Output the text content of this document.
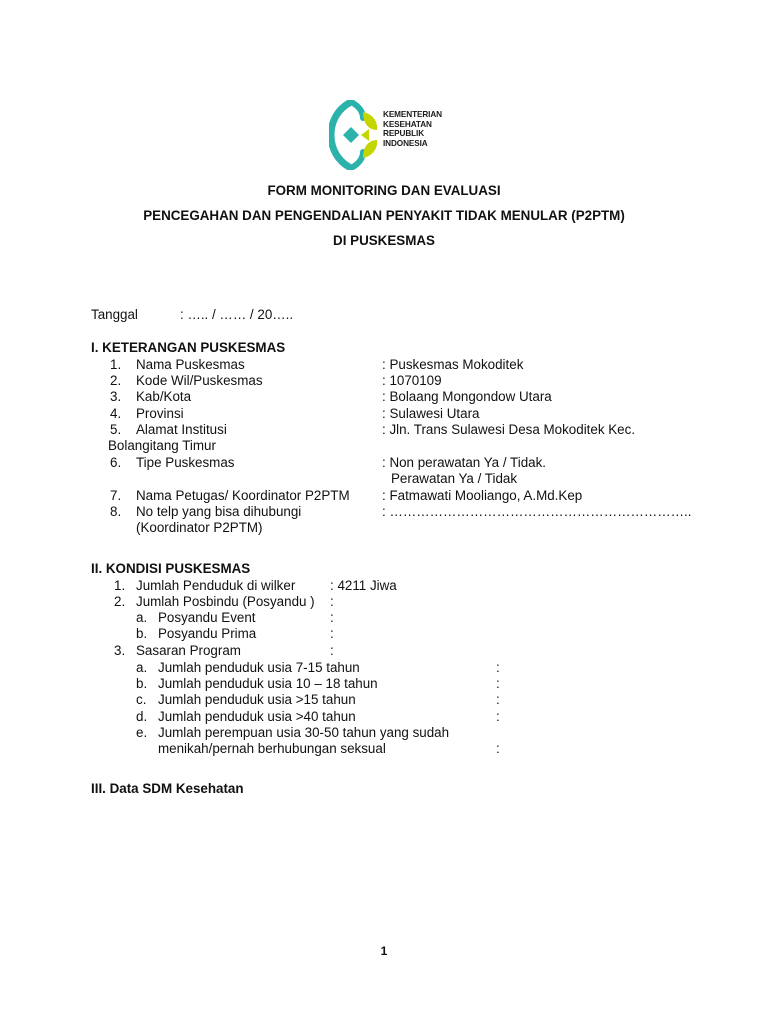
KEMENTERIAN
KESEHATAN
REPUBLIK
INDONESIA
FORM MONITORING DAN EVALUASI
PENCEGAHAN DAN PENGENDALIAN PENYAKIT TIDAK MENULAR (P2PTM)
DI PUSKESMAS
Tanggal	: ….. / …… / 20…..
I. KETERANGAN PUSKESMAS
1. Nama Puskesmas	: Puskesmas Mokoditek
2. Kode Wil/Puskesmas	: 1070109
3. Kab/Kota	: Bolaang Mongondow Utara
4. Provinsi	: Sulawesi Utara
5. Alamat Institusi	: Jln. Trans Sulawesi Desa Mokoditek Kec.
Bolangitang Timur
6. Tipe Puskesmas	: Non perawatan Ya / Tidak.
Perawatan Ya / Tidak
7. Nama Petugas/ Koordinator P2PTM : Fatmawati Mooliango, A.Md.Kep
8. No telp yang bisa dihubungi	: …………………………………………………………..
(Koordinator P2PTM)
II. KONDISI PUSKESMAS
1. Jumlah Penduduk di wilker	: 4211 Jiwa
2. Jumlah Posbindu (Posyandu ) :
a. Posyandu Event	:
b. Posyandu Prima	:
3. Sasaran Program	:
a. Jumlah penduduk usia 7-15 tahun	:
b. Jumlah penduduk usia 10 – 18 tahun	:
c. Jumlah penduduk usia >15 tahun	:
d. Jumlah penduduk usia >40 tahun	:
e. Jumlah perempuan usia 30-50 tahun yang sudah
menikah/pernah berhubungan seksual	:
III. Data SDM Kesehatan
1
